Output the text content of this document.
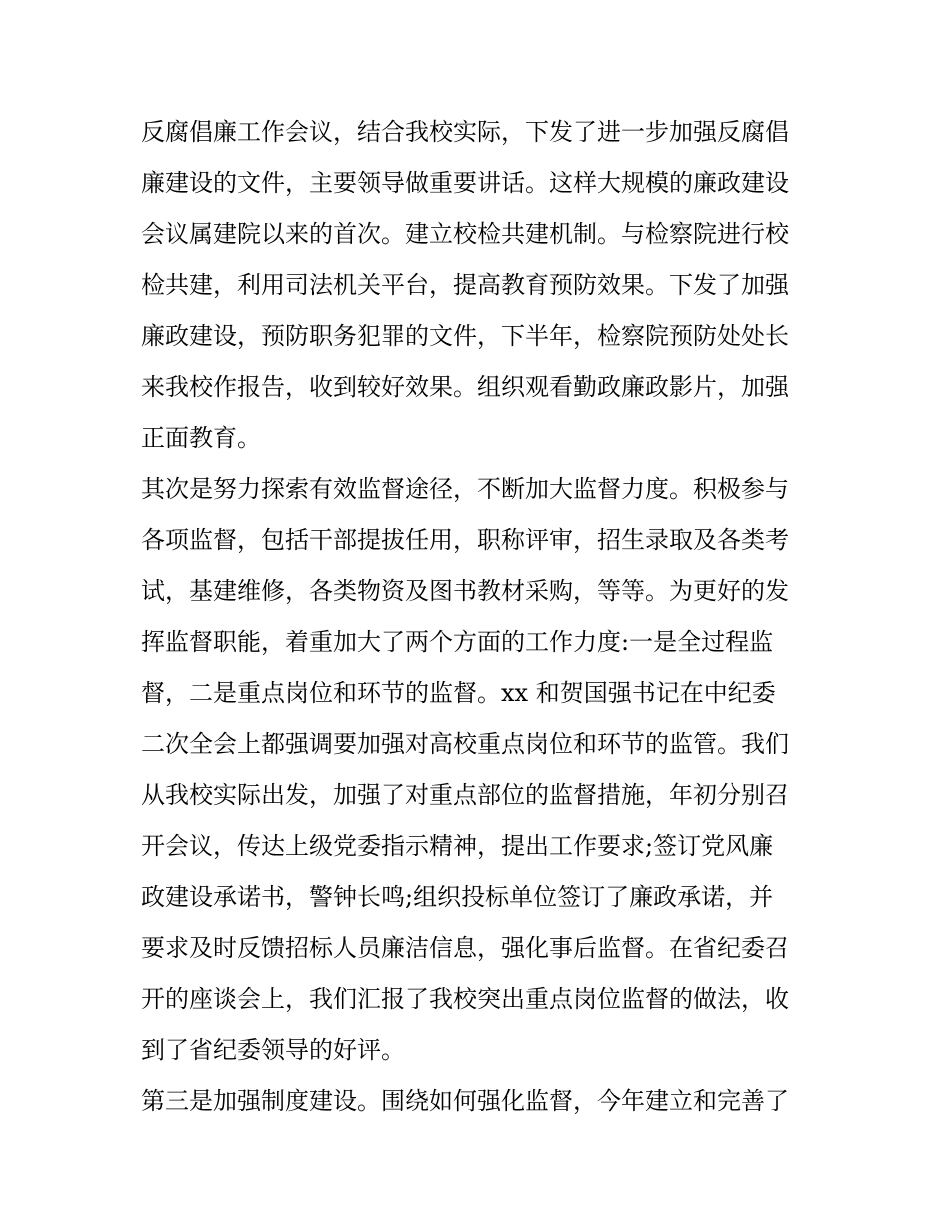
反腐倡廉工作会议，结合我校实际，下发了进一步加强反腐倡
廉建设的文件，主要领导做重要讲话。这样大规模的廉政建设
会议属建院以来的首次。建立校检共建机制。与检察院进行校
检共建，利用司法机关平台，提高教育预防效果。下发了加强
廉政建设，预防职务犯罪的文件，下半年，检察院预防处处长
来我校作报告，收到较好效果。组织观看勤政廉政影片，加强
正面教育。

其次是努力探索有效监督途径，不断加大监督力度。积极参与
各项监督，包括干部提拔任用，职称评审，招生录取及各类考
试，基建维修，各类物资及图书教材采购，等等。为更好的发
挥监督职能，着重加大了两个方面的工作力度:一是全过程监
督，二是重点岗位和环节的监督。xx 和贺国强书记在中纪委
二次全会上都强调要加强对高校重点岗位和环节的监管。我们
从我校实际出发，加强了对重点部位的监督措施，年初分别召
开会议，传达上级党委指示精神，提出工作要求;签订党风廉
政建设承诺书，警钟长鸣;组织投标单位签订了廉政承诺，并
要求及时反馈招标人员廉洁信息，强化事后监督。在省纪委召
开的座谈会上，我们汇报了我校突出重点岗位监督的做法，收
到了省纪委领导的好评。

第三是加强制度建设。围绕如何强化监督，今年建立和完善了
